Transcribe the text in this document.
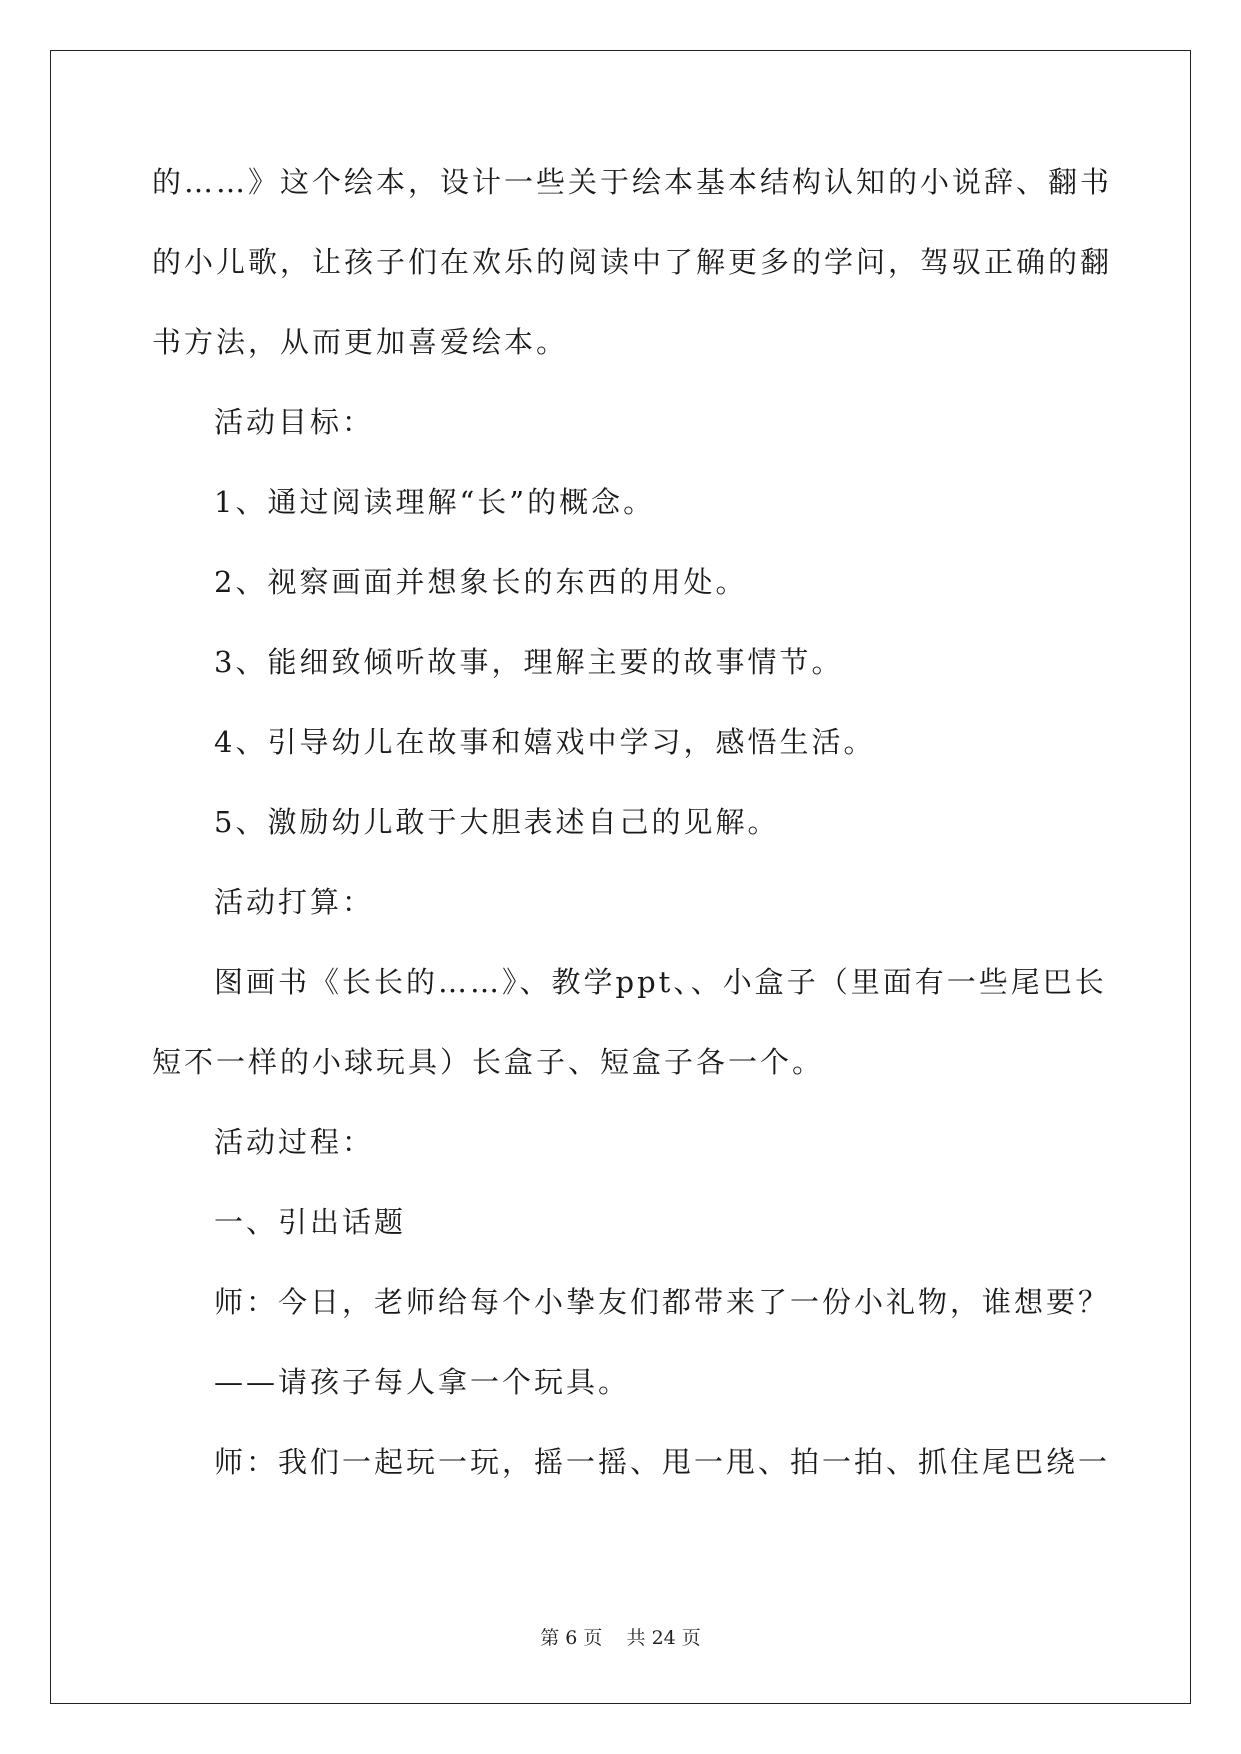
的……》这个绘本，设计一些关于绘本基本结构认知的小说辞、翻书
的小儿歌，让孩子们在欢乐的阅读中了解更多的学问，驾驭正确的翻
书方法，从而更加喜爱绘本。
活动目标：
1、通过阅读理解“长”的概念。
2、视察画面并想象长的东西的用处。
3、能细致倾听故事，理解主要的故事情节。
4、引导幼儿在故事和嬉戏中学习，感悟生活。
5、激励幼儿敢于大胆表述自己的见解。
活动打算：
图画书《长长的……》、教学ppt、、小盒子（里面有一些尾巴长
短不一样的小球玩具）长盒子、短盒子各一个。
活动过程：
一、引出话题
师：今日，老师给每个小挚友们都带来了一份小礼物，谁想要？
——请孩子每人拿一个玩具。
师：我们一起玩一玩，摇一摇、甩一甩、拍一拍、抓住尾巴绕一
第 6 页    共 24 页
